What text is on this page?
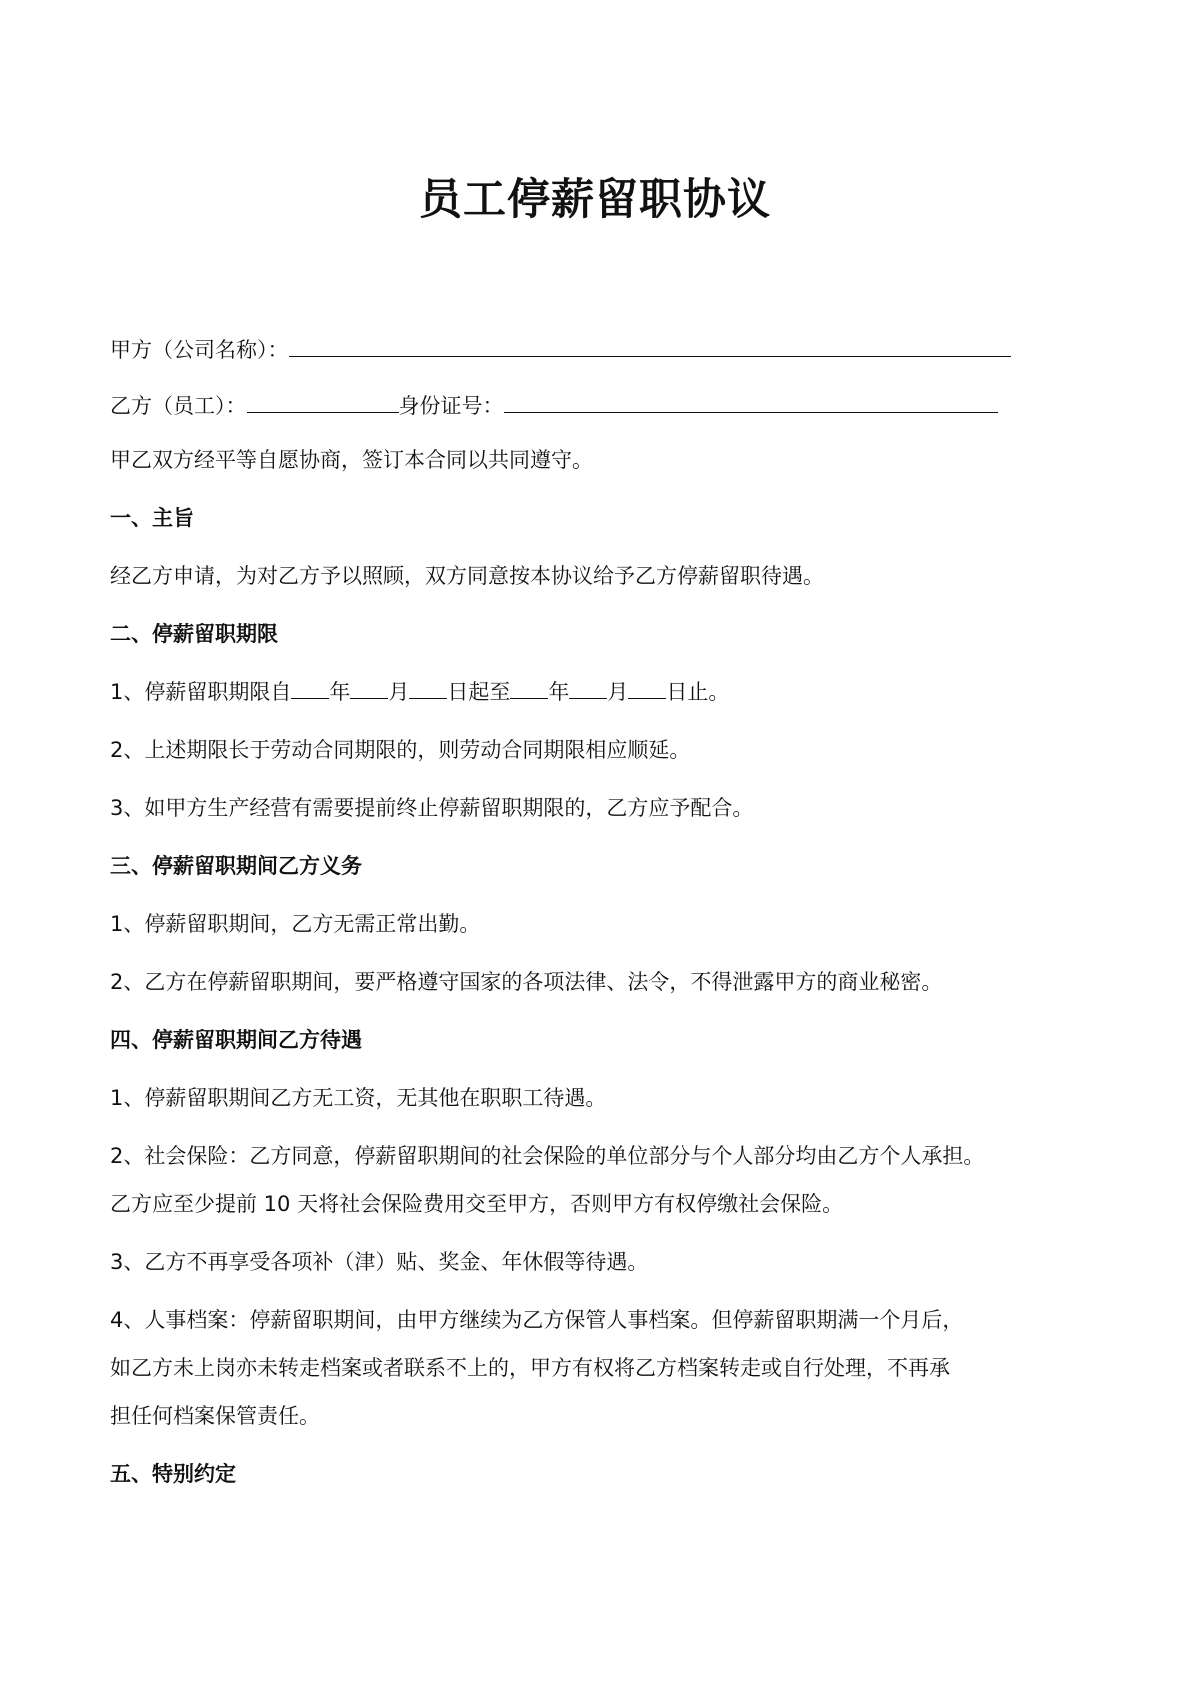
员工停薪留职协议
甲方（公司名称）：
乙方（员工）：	身份证号：
甲乙双方经平等自愿协商，签订本合同以共同遵守。
一、主旨
经乙方申请，为对乙方予以照顾，双方同意按本协议给予乙方停薪留职待遇。
二、停薪留职期限
1、停薪留职期限自 年 月 日起至 年 月 日止。
2、上述期限长于劳动合同期限的，则劳动合同期限相应顺延。
3、如甲方生产经营有需要提前终止停薪留职期限的，乙方应予配合。
三、停薪留职期间乙方义务
1、停薪留职期间，乙方无需正常出勤。
2、乙方在停薪留职期间，要严格遵守国家的各项法律、法令，不得泄露甲方的商业秘密。
四、停薪留职期间乙方待遇
1、停薪留职期间乙方无工资，无其他在职职工待遇。
2、社会保险：乙方同意，停薪留职期间的社会保险的单位部分与个人部分均由乙方个人承担。
乙方应至少提前 10 天将社会保险费用交至甲方，否则甲方有权停缴社会保险。
3、乙方不再享受各项补（津）贴、奖金、年休假等待遇。
4、人事档案：停薪留职期间，由甲方继续为乙方保管人事档案。但停薪留职期满一个月后，
如乙方未上岗亦未转走档案或者联系不上的，甲方有权将乙方档案转走或自行处理，不再承
担任何档案保管责任。
五、特别约定
